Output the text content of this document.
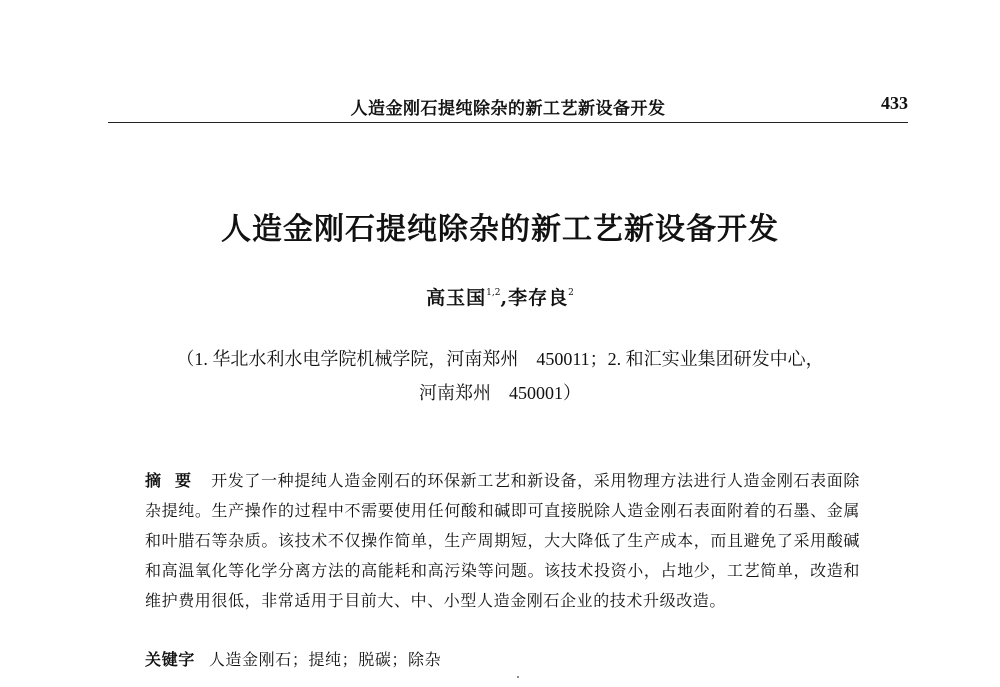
人造金刚石提纯除杂的新工艺新设备开发	433
人造金刚石提纯除杂的新工艺新设备开发
高玉国$^{1,2}$,李存良$^2$
（1. 华北水利水电学院机械学院，河南郑州　450011；2. 和汇实业集团研发中心，
河南郑州　450001）
摘要 开发了一种提纯人造金刚石的环保新工艺和新设备，采用物理方法进行人造金刚石表面除杂提纯。生产操作的过程中不需要使用任何酸和碱即可直接脱除人造金刚石表面附着的石墨、金属和叶腊石等杂质。该技术不仅操作简单，生产周期短，大大降低了生产成本，而且避免了采用酸碱和高温氧化等化学分离方法的高能耗和高污染等问题。该技术投资小，占地少，工艺简单，改造和维护费用很低，非常适用于目前大、中、小型人造金刚石企业的技术升级改造。
关键字 人造金刚石；提纯；脱碳；除杂
